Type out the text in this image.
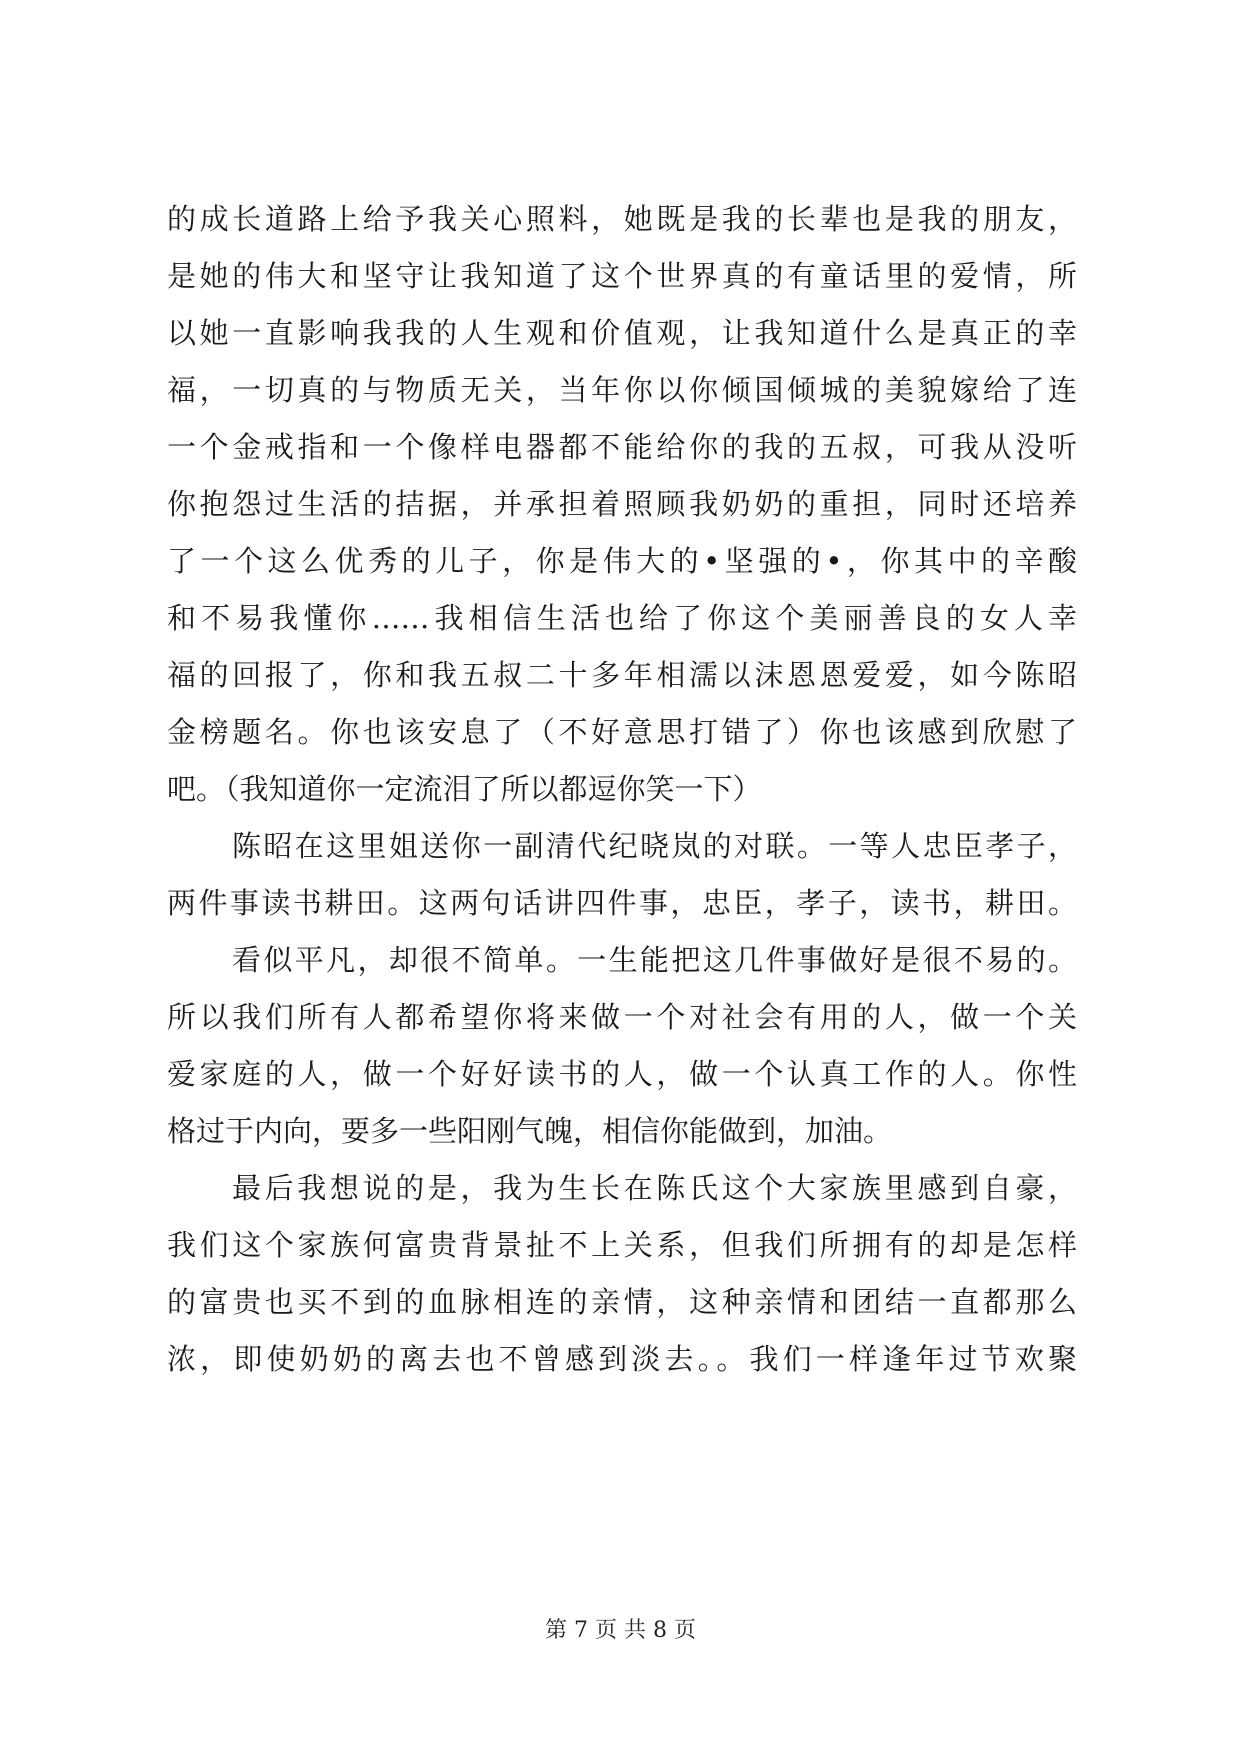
的成长道路上给予我关心照料，她既是我的长辈也是我的朋友，
是她的伟大和坚守让我知道了这个世界真的有童话里的爱情，所
以她一直影响我我的人生观和价值观，让我知道什么是真正的幸
福，一切真的与物质无关，当年你以你倾国倾城的美貌嫁给了连
一个金戒指和一个像样电器都不能给你的我的五叔，可我从没听
你抱怨过生活的拮据，并承担着照顾我奶奶的重担，同时还培养
了一个这么优秀的儿子，你是伟大的•坚强的•，你其中的辛酸
和不易我懂你……我相信生活也给了你这个美丽善良的女人幸
福的回报了，你和我五叔二十多年相濡以沫恩恩爱爱，如今陈昭
金榜题名。你也该安息了（不好意思打错了）你也该感到欣慰了
吧。（我知道你一定流泪了所以都逗你笑一下）
陈昭在这里姐送你一副清代纪晓岚的对联。一等人忠臣孝子，
两件事读书耕田。这两句话讲四件事，忠臣，孝子，读书，耕田。
看似平凡，却很不简单。一生能把这几件事做好是很不易的。
所以我们所有人都希望你将来做一个对社会有用的人，做一个关
爱家庭的人，做一个好好读书的人，做一个认真工作的人。你性
格过于内向，要多一些阳刚气魄，相信你能做到，加油。
最后我想说的是，我为生长在陈氏这个大家族里感到自豪，
我们这个家族何富贵背景扯不上关系，但我们所拥有的却是怎样
的富贵也买不到的血脉相连的亲情，这种亲情和团结一直都那么
浓，即使奶奶的离去也不曾感到淡去。。我们一样逢年过节欢聚
第 7 页 共 8 页
